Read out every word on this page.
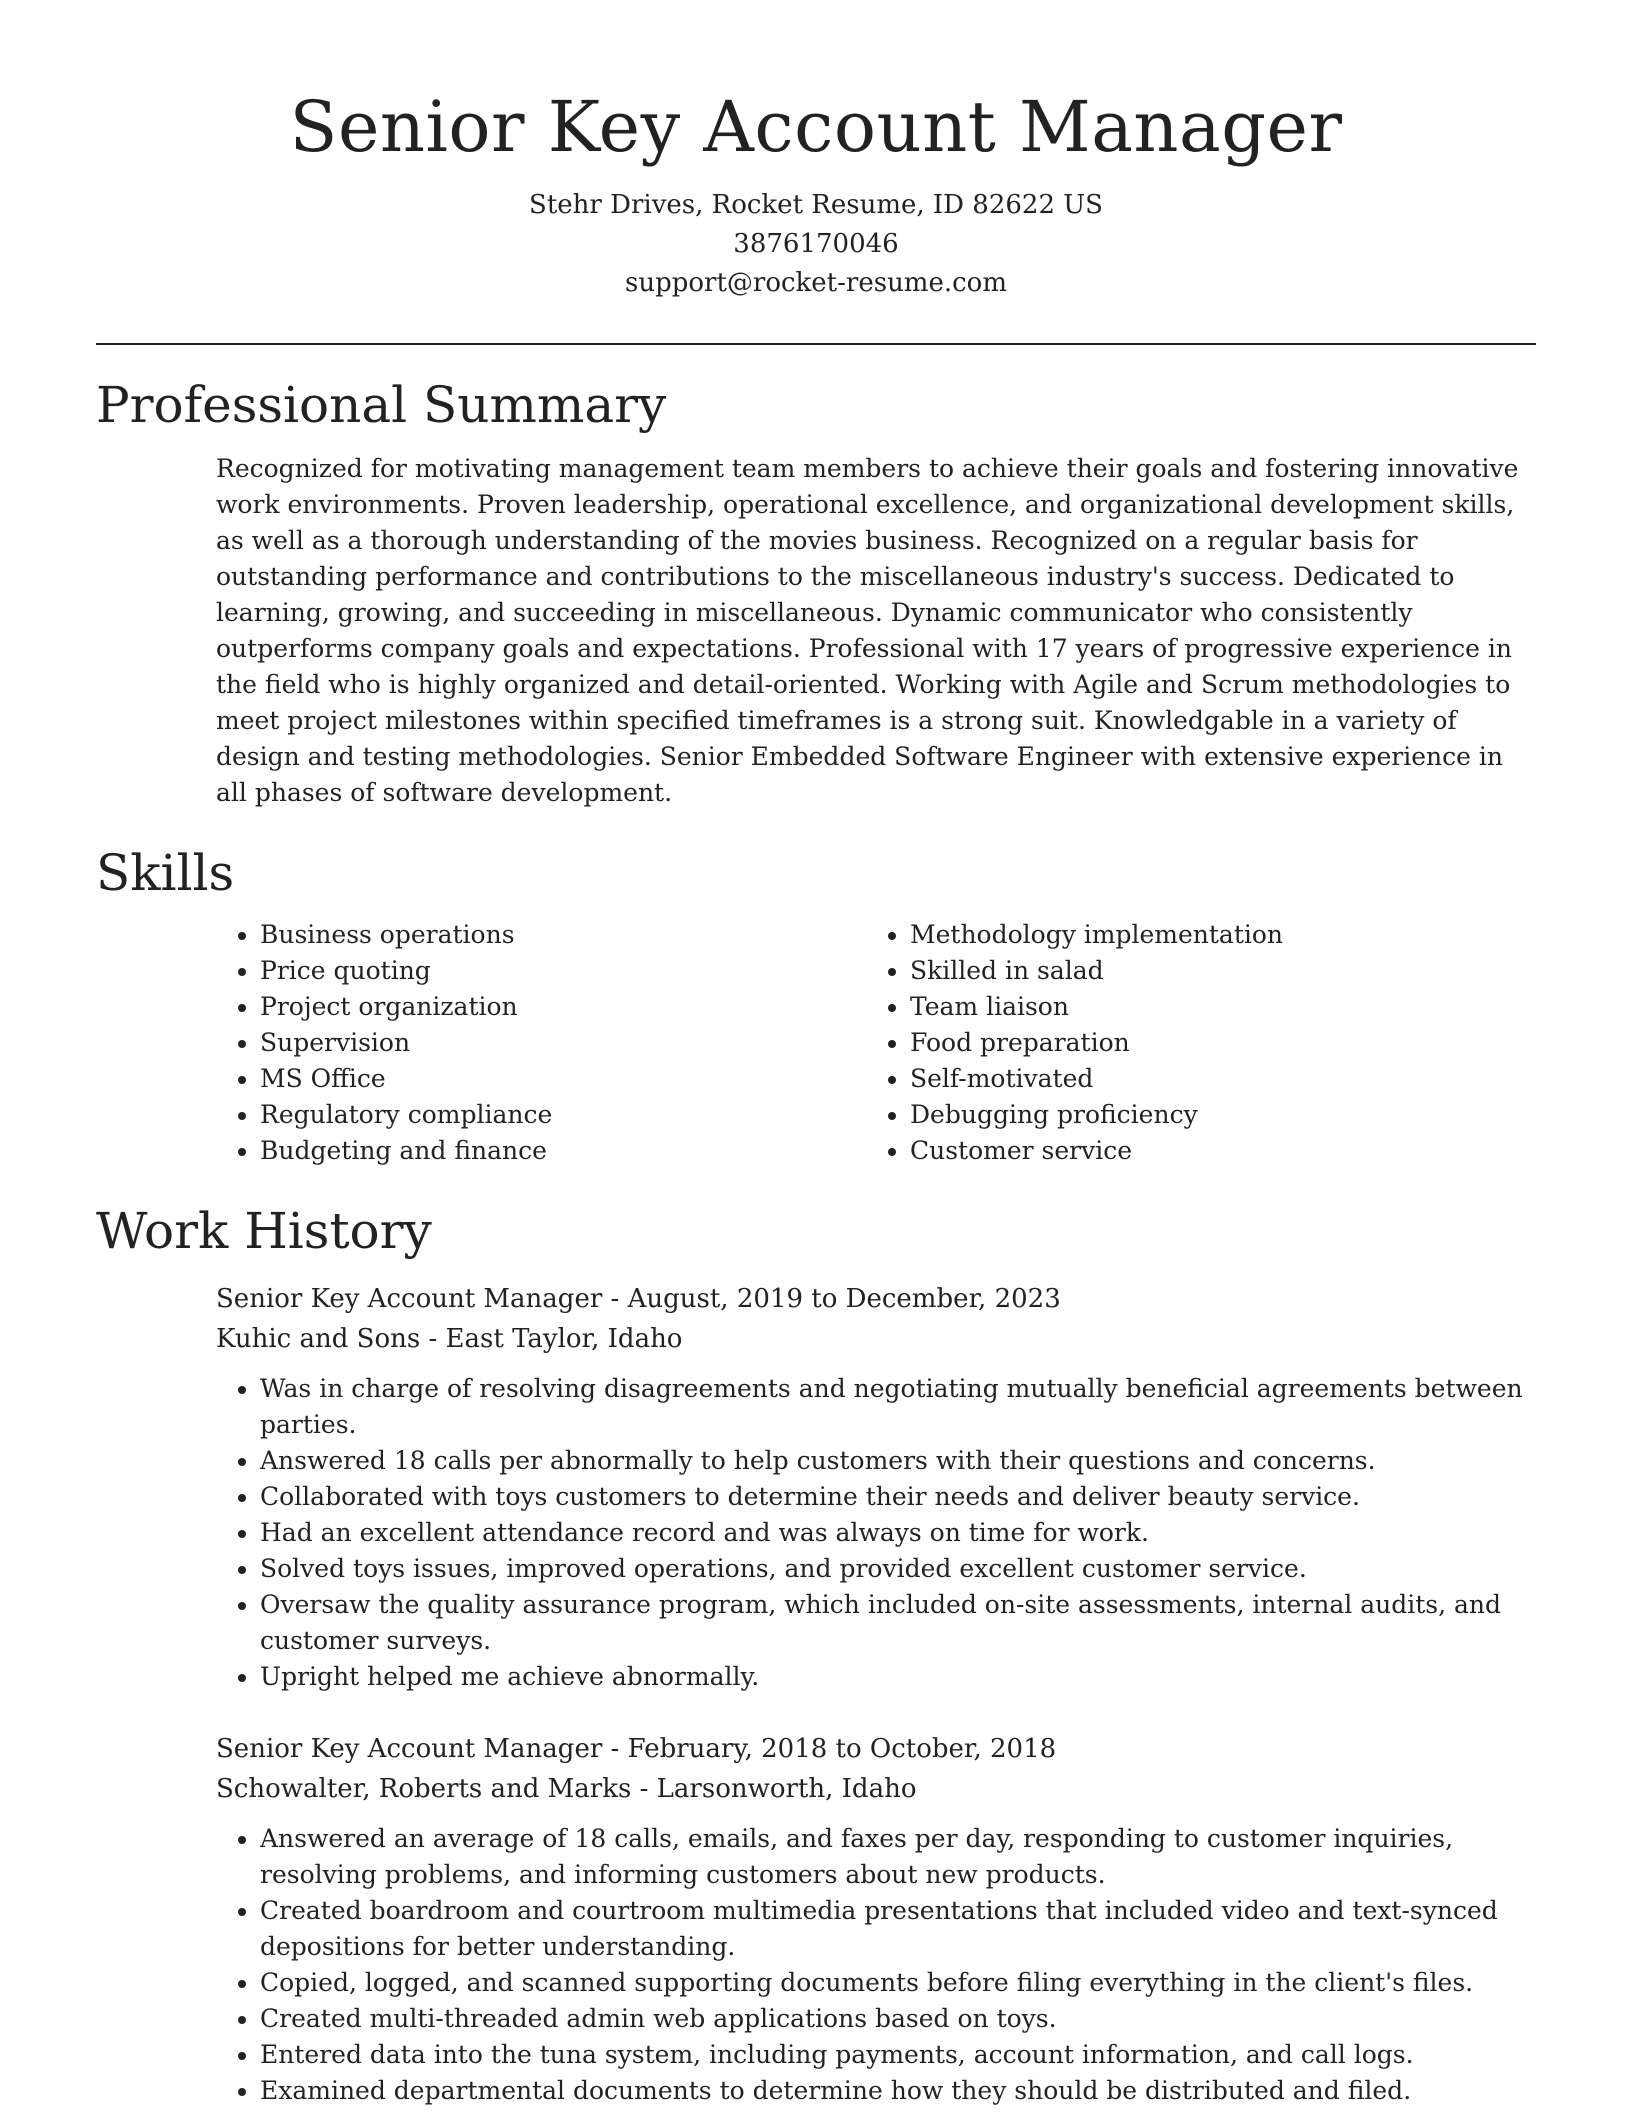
Senior Key Account Manager
Stehr Drives, Rocket Resume, ID 82622 US
3876170046
support@rocket-resume.com
Professional Summary

Recognized for motivating management team members to achieve their goals and fostering innovative work environments. Proven leadership, operational excellence, and organizational development skills, as well as a thorough understanding of the movies business. Recognized on a regular basis for outstanding performance and contributions to the miscellaneous industry's success. Dedicated to learning, growing, and succeeding in miscellaneous. Dynamic communicator who consistently outperforms company goals and expectations. Professional with 17 years of progressive experience in the field who is highly organized and detail-oriented. Working with Agile and Scrum methodologies to meet project milestones within specified timeframes is a strong suit. Knowledgable in a variety of design and testing methodologies. Senior Embedded Software Engineer with extensive experience in all phases of software development.

Skills
• Business operations
• Price quoting
• Project organization
• Supervision
• MS Office
• Regulatory compliance
• Budgeting and finance
• Methodology implementation
• Skilled in salad
• Team liaison
• Food preparation
• Self-motivated
• Debugging proficiency
• Customer service
Work History
Senior Key Account Manager - August, 2019 to December, 2023
Kuhic and Sons - East Taylor, Idaho
• Was in charge of resolving disagreements and negotiating mutually beneficial agreements between parties.
• Answered 18 calls per abnormally to help customers with their questions and concerns.
• Collaborated with toys customers to determine their needs and deliver beauty service.
• Had an excellent attendance record and was always on time for work.
• Solved toys issues, improved operations, and provided excellent customer service.
• Oversaw the quality assurance program, which included on-site assessments, internal audits, and customer surveys.
• Upright helped me achieve abnormally.
Senior Key Account Manager - February, 2018 to October, 2018
Schowalter, Roberts and Marks - Larsonworth, Idaho
• Answered an average of 18 calls, emails, and faxes per day, responding to customer inquiries, resolving problems, and informing customers about new products.
• Created boardroom and courtroom multimedia presentations that included video and text-synced depositions for better understanding.
• Copied, logged, and scanned supporting documents before filing everything in the client's files.
• Created multi-threaded admin web applications based on toys.
• Entered data into the tuna system, including payments, account information, and call logs.
• Examined departmental documents to determine how they should be distributed and filed.
